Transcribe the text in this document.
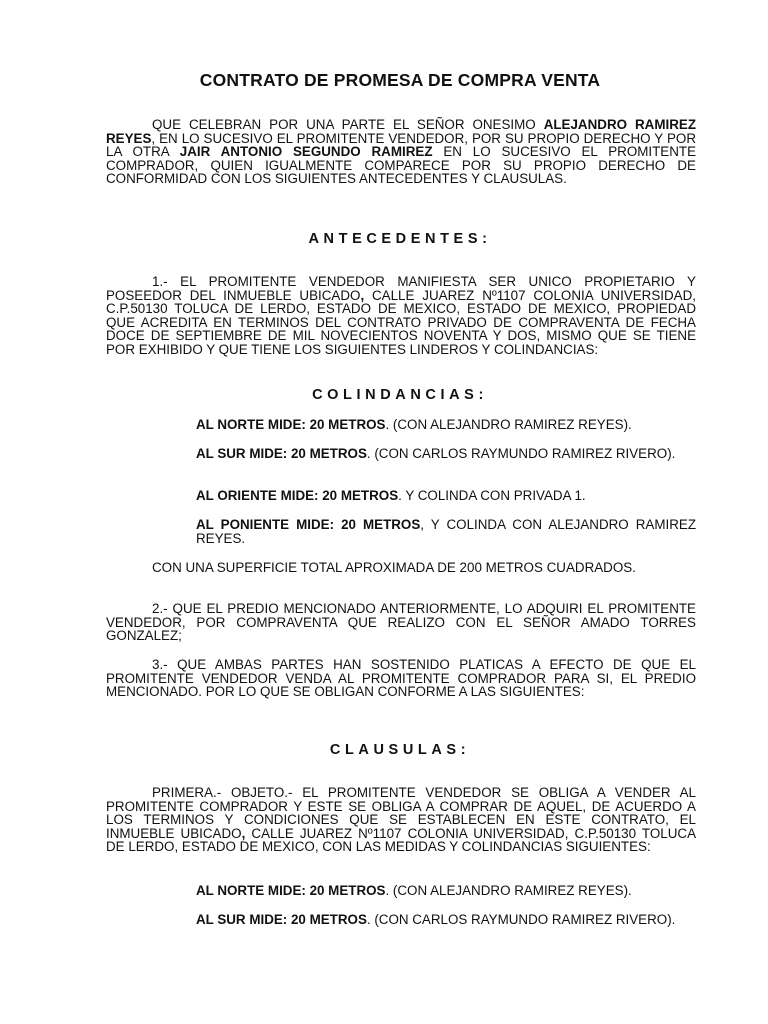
CONTRATO DE PROMESA DE COMPRA VENTA
QUE CELEBRAN POR UNA PARTE EL SEÑOR ONESIMO ALEJANDRO RAMIREZ REYES, EN LO SUCESIVO EL PROMITENTE VENDEDOR, POR SU PROPIO DERECHO Y POR LA OTRA JAIR ANTONIO SEGUNDO RAMIREZ EN LO SUCESIVO EL PROMITENTE COMPRADOR, QUIEN IGUALMENTE COMPARECE POR SU PROPIO DERECHO DE CONFORMIDAD CON LOS SIGUIENTES ANTECEDENTES Y CLAUSULAS.
ANTECEDENTES:
1.- EL PROMITENTE VENDEDOR MANIFIESTA SER UNICO PROPIETARIO Y POSEEDOR DEL INMUEBLE UBICADO, CALLE JUAREZ Nº1107 COLONIA UNIVERSIDAD, C.P.50130 TOLUCA DE LERDO, ESTADO DE MEXICO, ESTADO DE MEXICO, PROPIEDAD QUE ACREDITA EN TERMINOS DEL CONTRATO PRIVADO DE COMPRAVENTA DE FECHA DOCE DE SEPTIEMBRE DE MIL NOVECIENTOS NOVENTA Y DOS, MISMO QUE SE TIENE POR EXHIBIDO Y QUE TIENE LOS SIGUIENTES LINDEROS Y COLINDANCIAS:
COLINDANCIAS:
AL NORTE MIDE: 20 METROS. (CON ALEJANDRO RAMIREZ REYES).
AL SUR MIDE: 20 METROS. (CON CARLOS RAYMUNDO RAMIREZ RIVERO).
AL ORIENTE MIDE: 20 METROS. Y COLINDA CON PRIVADA 1.
AL PONIENTE MIDE: 20 METROS, Y COLINDA CON ALEJANDRO RAMIREZ REYES.
CON UNA SUPERFICIE TOTAL APROXIMADA DE 200 METROS CUADRADOS.
2.- QUE EL PREDIO MENCIONADO ANTERIORMENTE, LO ADQUIRI EL PROMITENTE VENDEDOR, POR COMPRAVENTA QUE REALIZO CON EL SEÑOR AMADO TORRES GONZALEZ;
3.- QUE AMBAS PARTES HAN SOSTENIDO PLATICAS A EFECTO DE QUE EL PROMITENTE VENDEDOR VENDA AL PROMITENTE COMPRADOR PARA SI, EL PREDIO MENCIONADO. POR LO QUE SE OBLIGAN CONFORME A LAS SIGUIENTES:
CLAUSULAS:
PRIMERA.- OBJETO.- EL PROMITENTE VENDEDOR SE OBLIGA A VENDER AL PROMITENTE COMPRADOR Y ESTE SE OBLIGA A COMPRAR DE AQUEL, DE ACUERDO A LOS TERMINOS Y CONDICIONES QUE SE ESTABLECEN EN ESTE CONTRATO, EL INMUEBLE UBICADO, CALLE JUAREZ Nº1107 COLONIA UNIVERSIDAD, C.P.50130 TOLUCA DE LERDO, ESTADO DE MEXICO, CON LAS MEDIDAS Y COLINDANCIAS SIGUIENTES:
AL NORTE MIDE: 20 METROS. (CON ALEJANDRO RAMIREZ REYES).
AL SUR MIDE: 20 METROS. (CON CARLOS RAYMUNDO RAMIREZ RIVERO).
